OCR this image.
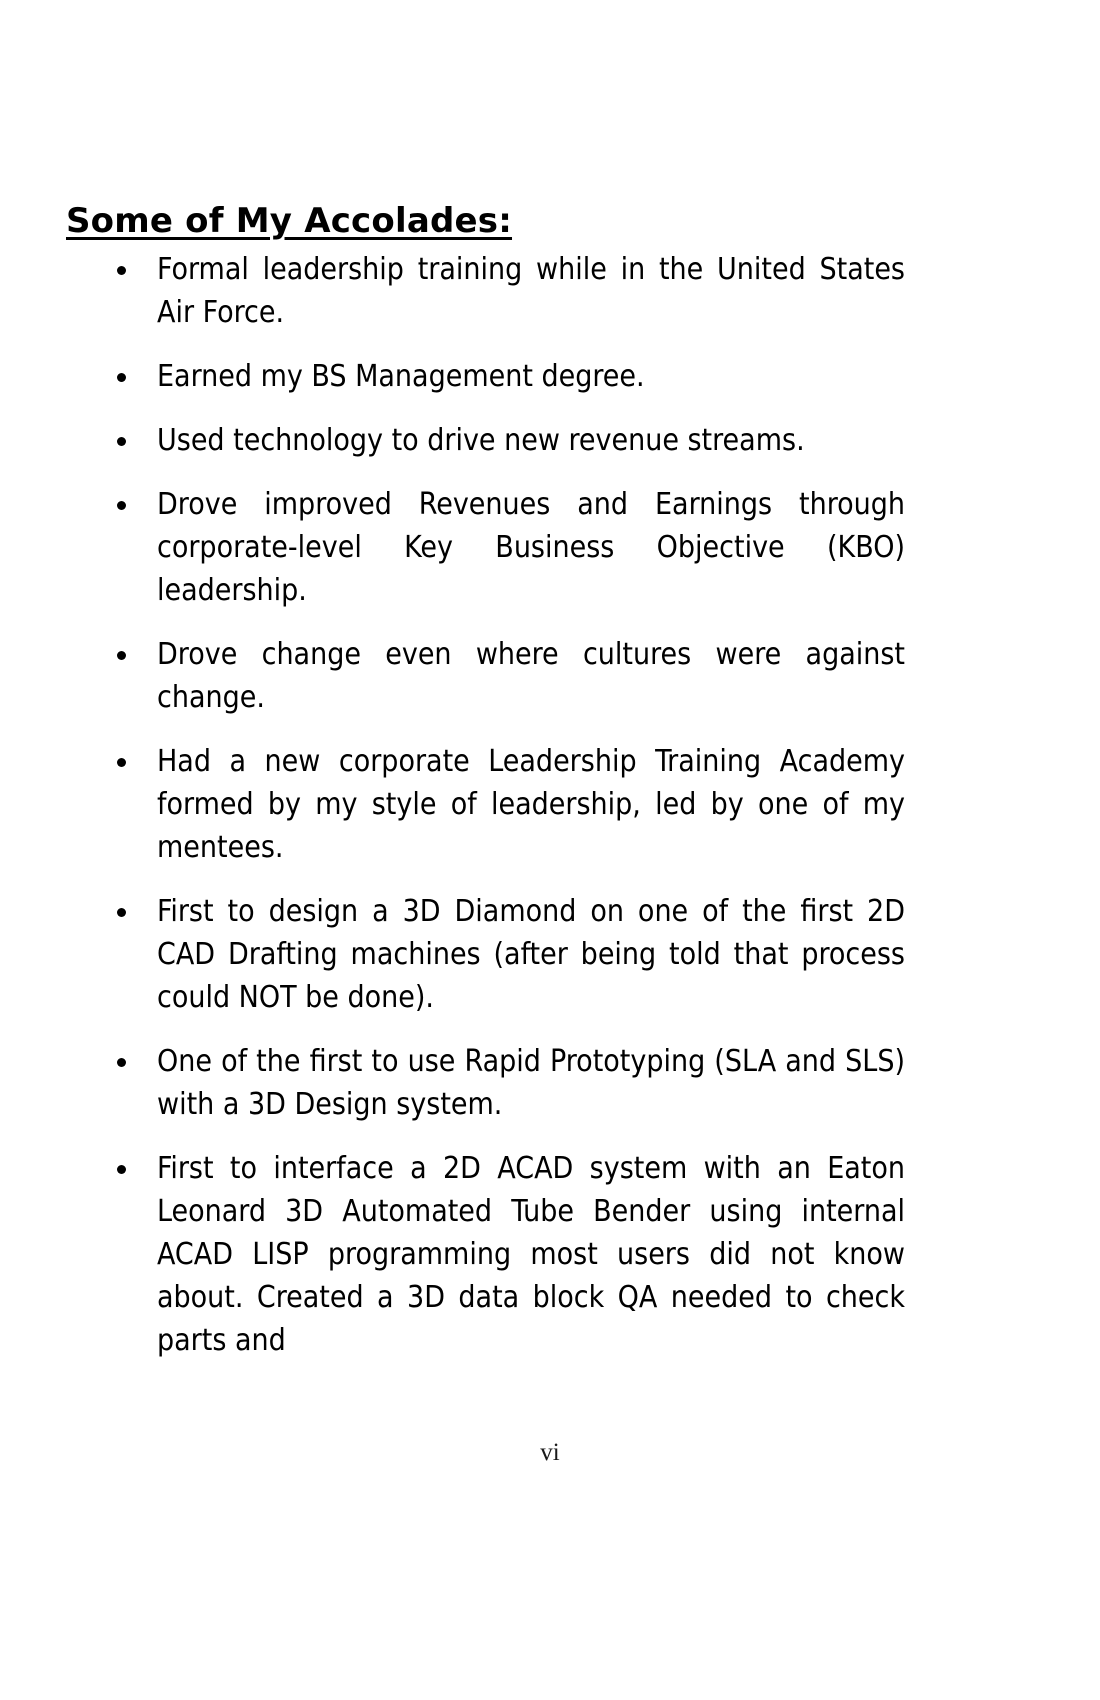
Some of My Accolades:
Formal leadership training while in the United States Air Force.
Earned my BS Management degree.
Used technology to drive new revenue streams.
Drove improved Revenues and Earnings through corporate-level Key Business Objective (KBO) leadership.
Drove change even where cultures were against change.
Had a new corporate Leadership Training Academy formed by my style of leadership, led by one of my mentees.
First to design a 3D Diamond on one of the first 2D CAD Drafting machines (after being told that process could NOT be done).
One of the first to use Rapid Prototyping (SLA and SLS) with a 3D Design system.
First to interface a 2D ACAD system with an Eaton Leonard 3D Automated Tube Bender using internal ACAD LISP programming most users did not know about. Created a 3D data block QA needed to check parts and
vi
